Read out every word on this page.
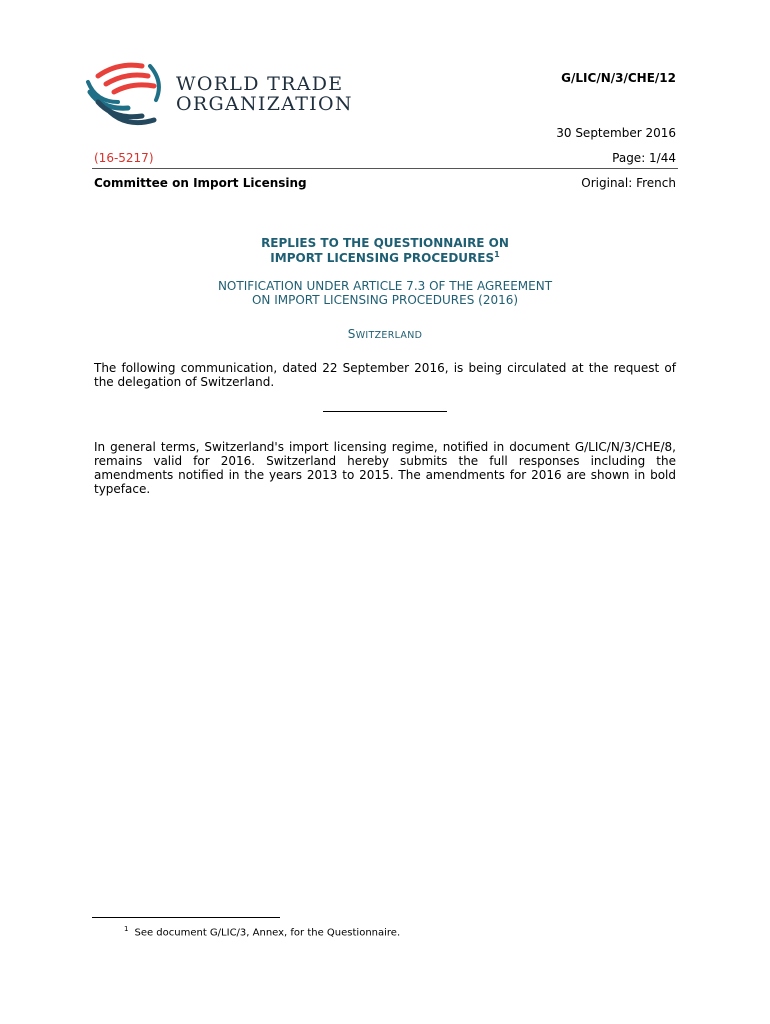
WORLD TRADE
ORGANIZATION
G/LIC/N/3/CHE/12
30 September 2016
(16-5217)	Page: 1/44
Committee on Import Licensing	Original: French
REPLIES TO THE QUESTIONNAIRE ON
IMPORT LICENSING PROCEDURES$^1$
NOTIFICATION UNDER ARTICLE 7.3 OF THE AGREEMENT
ON IMPORT LICENSING PROCEDURES (2016)
SWITZERLAND
The following communication, dated 22 September 2016, is being circulated at the request of the delegation of Switzerland.
In general terms, Switzerland's import licensing regime, notified in document G/LIC/N/3/CHE/8, remains valid for 2016. Switzerland hereby submits the full responses including the amendments notified in the years 2013 to 2015. The amendments for 2016 are shown in bold typeface.
$^1$ See document G/LIC/3, Annex, for the Questionnaire.
